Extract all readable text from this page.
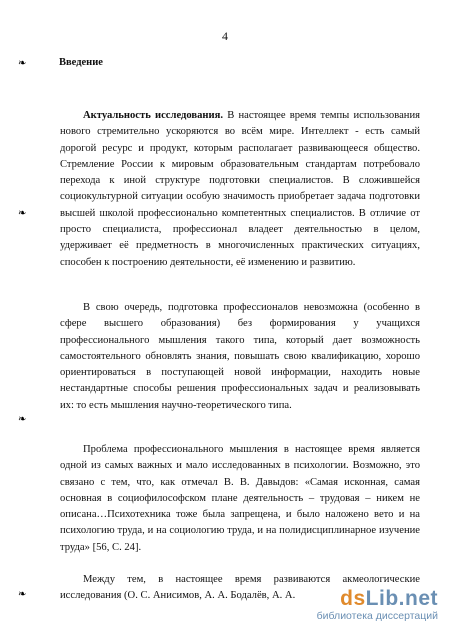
4
Введение
❧
❧
❧
❧
Актуальность исследования. В настоящее время темпы использования нового стремительно ускоряются во всём мире. Интеллект - есть самый дорогой ресурс и продукт, которым располагает развивающееся общество. Стремление России к мировым образовательным стандартам потребовало перехода к иной структуре подготовки специалистов. В сложившейся социокультурной ситуации особую значимость приобретает задача подготовки высшей школой профессионально компетентных специалистов. В отличие от просто специалиста, профессионал владеет деятельностью в целом, удерживает её предметность в многочисленных практических ситуациях, способен к построению деятельности, её изменению и развитию.
В свою очередь, подготовка профессионалов невозможна (особенно в сфере высшего образования) без формирования у учащихся профессионального мышления такого типа, который дает возможность самостоятельного обновлять знания, повышать свою квалификацию, хорошо ориентироваться в поступающей новой информации, находить новые нестандартные способы решения профессиональных задач и реализовывать их: то есть мышления научно-теоретического типа.
Проблема профессионального мышления в настоящее время является одной из самых важных и мало исследованных в психологии. Возможно, это связано с тем, что, как отмечал В. В. Давыдов: «Самая исконная, самая основная в социофилософском плане деятельность – трудовая – никем не описана…Психотехника тоже была запрещена, и было наложено вето и на психологию труда, и на социологию труда, и на полидисциплинарное изучение труда» [56, С. 24].
Между тем, в настоящее время развиваются акмеологические исследования (О. С. Анисимов, А. А. Бодалёв, А. А.	dsLib.net
библиотека диссертаций
